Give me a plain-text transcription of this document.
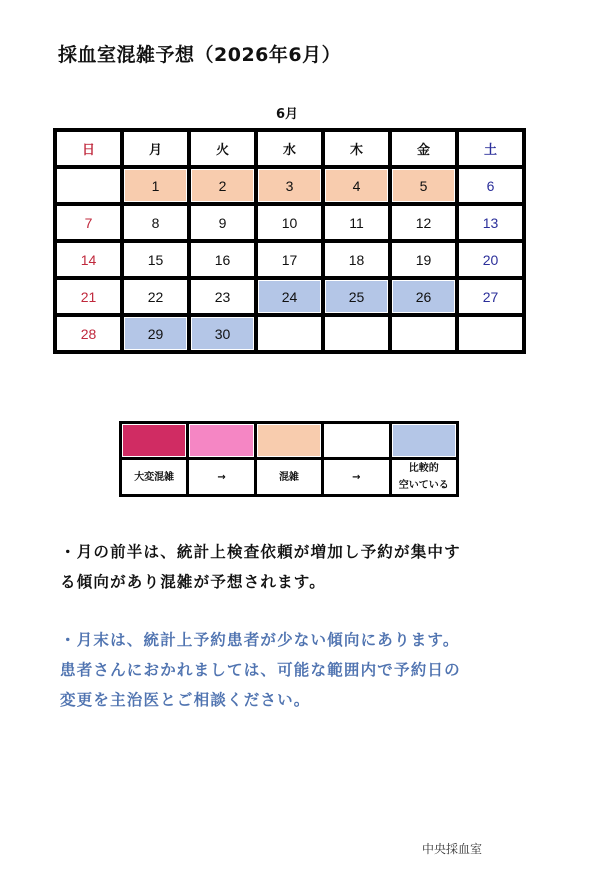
採血室混雑予想（2026年6月）
6月
日	月	火	水	木	金	土
	1	2	3	4	5	6
7	8	9	10	11	12	13
14	15	16	17	18	19	20
21	22	23	24	25	26	27
28	29	30				

大変混雑	→	混雑	→	比較的
空いている
・月の前半は、統計上検査依頼が増加し予約が集中す
る傾向があり混雑が予想されます。
・月末は、統計上予約患者が少ない傾向にあります。
患者さんにおかれましては、可能な範囲内で予約日の
変更を主治医とご相談ください。
中央採血室
